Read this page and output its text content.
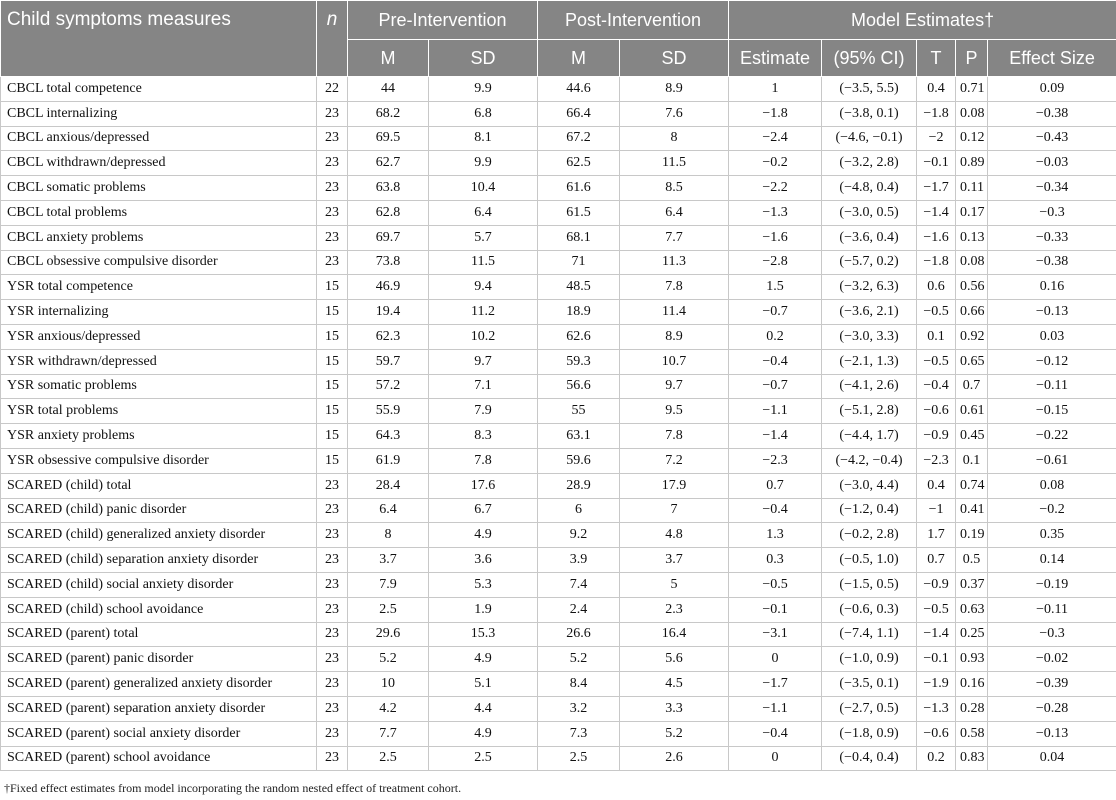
Child symptoms measures	n	Pre-Intervention		Post-Intervention		Model Estimates†				
		M	SD	M	SD	Estimate	(95% CI)	T	P	Effect Size
CBCL total competence	22	44	9.9	44.6	8.9	1	(−3.5, 5.5)	0.4	0.71	0.09
CBCL internalizing	23	68.2	6.8	66.4	7.6	−1.8	(−3.8, 0.1)	−1.8	0.08	−0.38
CBCL anxious/depressed	23	69.5	8.1	67.2	8	−2.4	(−4.6, −0.1)	−2	0.12	−0.43
CBCL withdrawn/depressed	23	62.7	9.9	62.5	11.5	−0.2	(−3.2, 2.8)	−0.1	0.89	−0.03
CBCL somatic problems	23	63.8	10.4	61.6	8.5	−2.2	(−4.8, 0.4)	−1.7	0.11	−0.34
CBCL total problems	23	62.8	6.4	61.5	6.4	−1.3	(−3.0, 0.5)	−1.4	0.17	−0.3
CBCL anxiety problems	23	69.7	5.7	68.1	7.7	−1.6	(−3.6, 0.4)	−1.6	0.13	−0.33
CBCL obsessive compulsive disorder	23	73.8	11.5	71	11.3	−2.8	(−5.7, 0.2)	−1.8	0.08	−0.38
YSR total competence	15	46.9	9.4	48.5	7.8	1.5	(−3.2, 6.3)	0.6	0.56	0.16
YSR internalizing	15	19.4	11.2	18.9	11.4	−0.7	(−3.6, 2.1)	−0.5	0.66	−0.13
YSR anxious/depressed	15	62.3	10.2	62.6	8.9	0.2	(−3.0, 3.3)	0.1	0.92	0.03
YSR withdrawn/depressed	15	59.7	9.7	59.3	10.7	−0.4	(−2.1, 1.3)	−0.5	0.65	−0.12
YSR somatic problems	15	57.2	7.1	56.6	9.7	−0.7	(−4.1, 2.6)	−0.4	0.7	−0.11
YSR total problems	15	55.9	7.9	55	9.5	−1.1	(−5.1, 2.8)	−0.6	0.61	−0.15
YSR anxiety problems	15	64.3	8.3	63.1	7.8	−1.4	(−4.4, 1.7)	−0.9	0.45	−0.22
YSR obsessive compulsive disorder	15	61.9	7.8	59.6	7.2	−2.3	(−4.2, −0.4)	−2.3	0.1	−0.61
SCARED (child) total	23	28.4	17.6	28.9	17.9	0.7	(−3.0, 4.4)	0.4	0.74	0.08
SCARED (child) panic disorder	23	6.4	6.7	6	7	−0.4	(−1.2, 0.4)	−1	0.41	−0.2
SCARED (child) generalized anxiety disorder	23	8	4.9	9.2	4.8	1.3	(−0.2, 2.8)	1.7	0.19	0.35
SCARED (child) separation anxiety disorder	23	3.7	3.6	3.9	3.7	0.3	(−0.5, 1.0)	0.7	0.5	0.14
SCARED (child) social anxiety disorder	23	7.9	5.3	7.4	5	−0.5	(−1.5, 0.5)	−0.9	0.37	−0.19
SCARED (child) school avoidance	23	2.5	1.9	2.4	2.3	−0.1	(−0.6, 0.3)	−0.5	0.63	−0.11
SCARED (parent) total	23	29.6	15.3	26.6	16.4	−3.1	(−7.4, 1.1)	−1.4	0.25	−0.3
SCARED (parent) panic disorder	23	5.2	4.9	5.2	5.6	0	(−1.0, 0.9)	−0.1	0.93	−0.02
SCARED (parent) generalized anxiety disorder	23	10	5.1	8.4	4.5	−1.7	(−3.5, 0.1)	−1.9	0.16	−0.39
SCARED (parent) separation anxiety disorder	23	4.2	4.4	3.2	3.3	−1.1	(−2.7, 0.5)	−1.3	0.28	−0.28
SCARED (parent) social anxiety disorder	23	7.7	4.9	7.3	5.2	−0.4	(−1.8, 0.9)	−0.6	0.58	−0.13
SCARED (parent) school avoidance	23	2.5	2.5	2.5	2.6	0	(−0.4, 0.4)	0.2	0.83	0.04
†Fixed effect estimates from model incorporating the random nested effect of treatment cohort.
